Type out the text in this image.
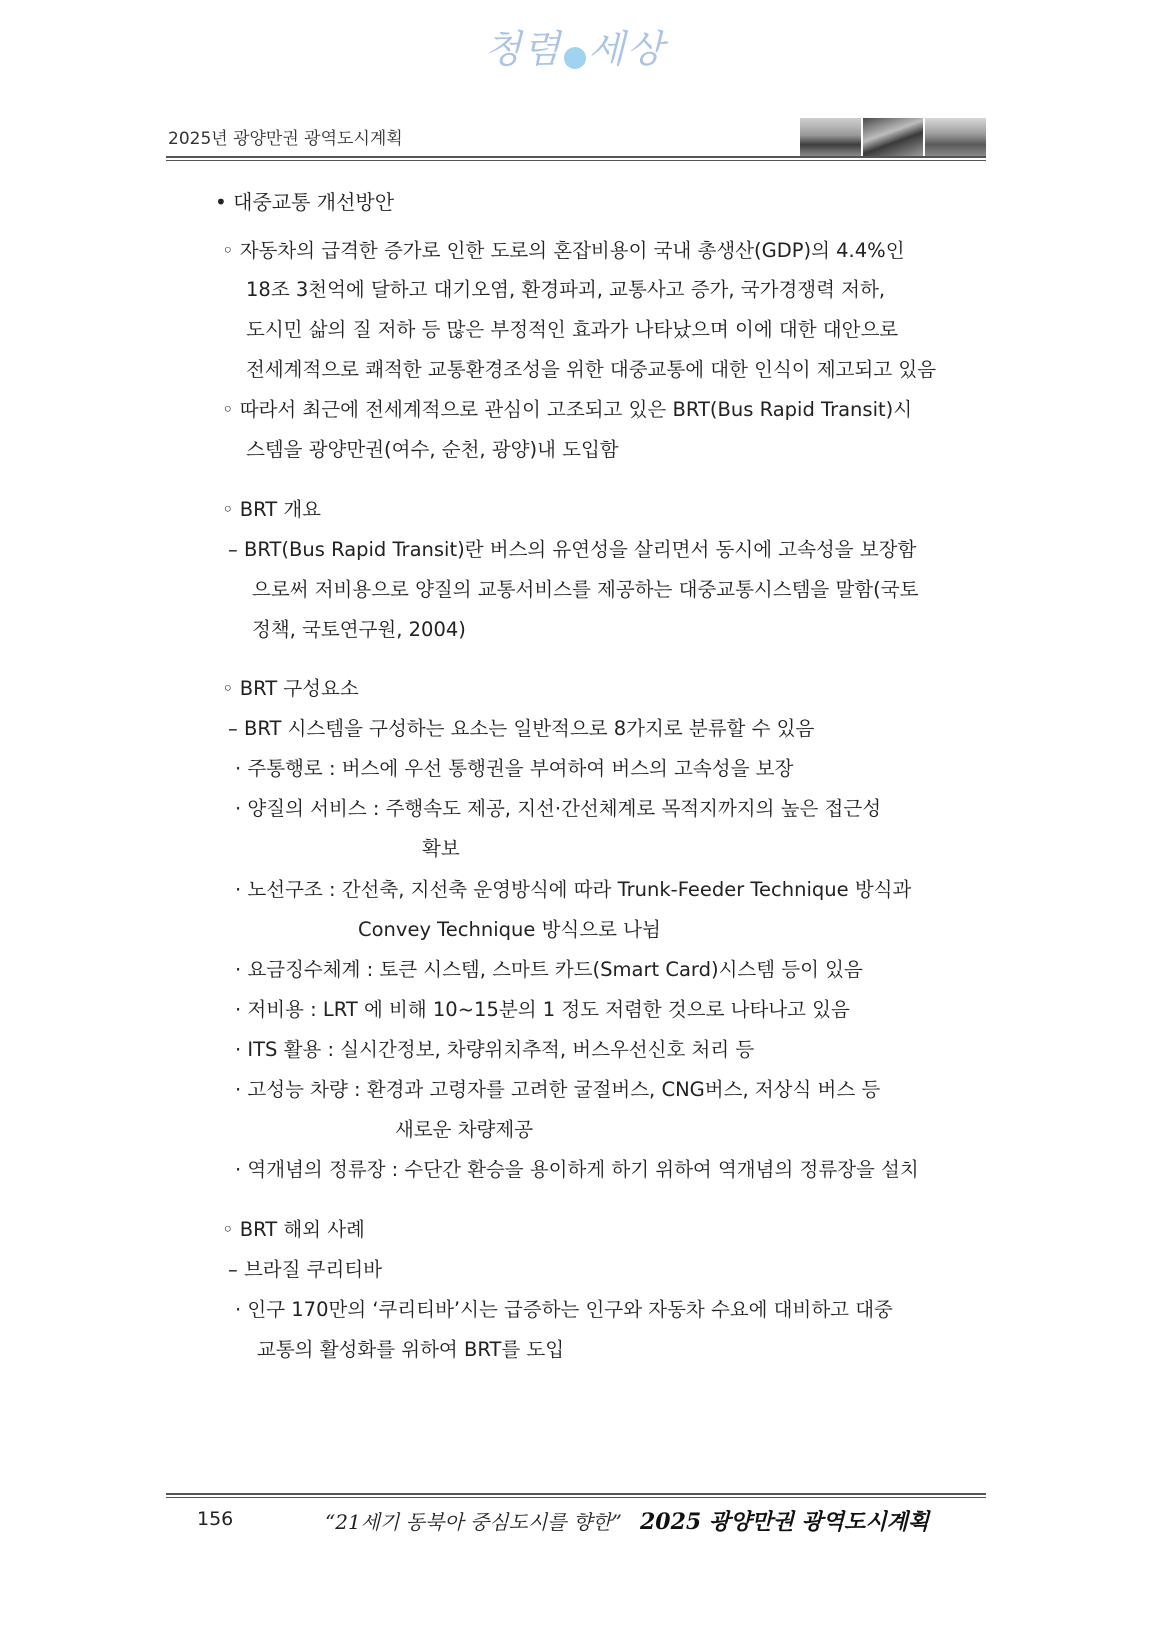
청렴 세상
2025년 광양만권 광역도시계획
• 대중교통 개선방안
◦ 자동차의 급격한 증가로 인한 도로의 혼잡비용이 국내 총생산(GDP)의 4.4%인
18조 3천억에 달하고 대기오염, 환경파괴, 교통사고 증가, 국가경쟁력 저하,
도시민 삶의 질 저하 등 많은 부정적인 효과가 나타났으며 이에 대한 대안으로
전세계적으로 쾌적한 교통환경조성을 위한 대중교통에 대한 인식이 제고되고 있음
◦ 따라서 최근에 전세계적으로 관심이 고조되고 있은 BRT(Bus Rapid Transit)시
스템을 광양만권(여수, 순천, 광양)내 도입함
◦ BRT 개요
– BRT(Bus Rapid Transit)란 버스의 유연성을 살리면서 동시에 고속성을 보장함
으로써 저비용으로 양질의 교통서비스를 제공하는 대중교통시스템을 말함(국토
정책, 국토연구원, 2004)
◦ BRT 구성요소
– BRT 시스템을 구성하는 요소는 일반적으로 8가지로 분류할 수 있음
· 주통행로 : 버스에 우선 통행권을 부여하여 버스의 고속성을 보장
· 양질의 서비스 : 주행속도 제공, 지선·간선체계로 목적지까지의 높은 접근성
확보
· 노선구조 : 간선축, 지선축 운영방식에 따라 Trunk-Feeder Technique 방식과
Convey Technique 방식으로 나뉨
· 요금징수체계 : 토큰 시스템, 스마트 카드(Smart Card)시스템 등이 있음
· 저비용 : LRT 에 비해 10~15분의 1 정도 저렴한 것으로 나타나고 있음
· ITS 활용 : 실시간정보, 차량위치추적, 버스우선신호 처리 등
· 고성능 차량 : 환경과 고령자를 고려한 굴절버스, CNG버스, 저상식 버스 등
새로운 차량제공
· 역개념의 정류장 : 수단간 환승을 용이하게 하기 위하여 역개념의 정류장을 설치
◦ BRT 해외 사례
– 브라질 쿠리티바
· 인구 170만의 ‘쿠리티바’시는 급증하는 인구와 자동차 수요에 대비하고 대중
교통의 활성화를 위하여 BRT를 도입
156	“21세기 동북아 중심도시를 향한” 2025 광양만권 광역도시계획
